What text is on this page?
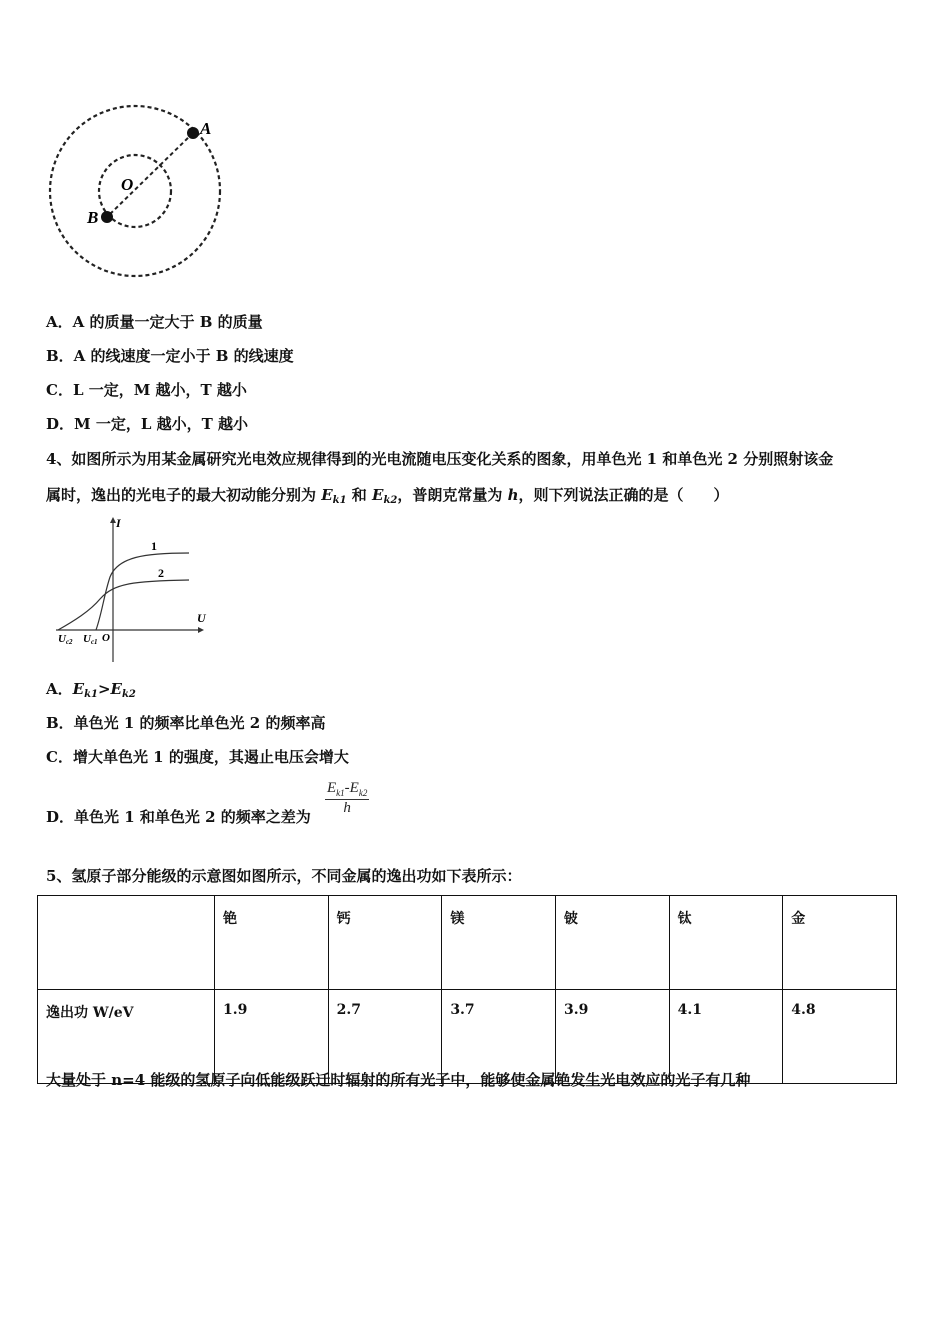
A
O
B
A．A 的质量一定大于 B 的质量
B．A 的线速度一定小于 B 的线速度
C．L 一定，M 越小，T 越小
D．M 一定，L 越小，T 越小
4、如图所示为用某金属研究光电效应规律得到的光电流随电压变化关系的图象，用单色光 1 和单色光 2 分别照射该金
属时，逸出的光电子的最大初动能分别为 $E_{k1}$ 和 $E_{k2}$，普朗克常量为 h，则下列说法正确的是（　　）
I
U
1
2
Uc2 Uc1 O
A．$E_{k1}>E_{k2}$
B．单色光 1 的频率比单色光 2 的频率高
C．增大单色光 1 的强度，其遏止电压会增大
D．单色光 1 和单色光 2 的频率之差为 $\frac{E_{k1}-E_{k2}}{h}$
5、氢原子部分能级的示意图如图所示，不同金属的逸出功如下表所示：
	铯	钙	镁	铍	钛	金
逸出功 W/eV	1.9	2.7	3.7	3.9	4.1	4.8
大量处于 n=4 能级的氢原子向低能级跃迁时辐射的所有光子中，能够使金属铯发生光电效应的光子有几种
